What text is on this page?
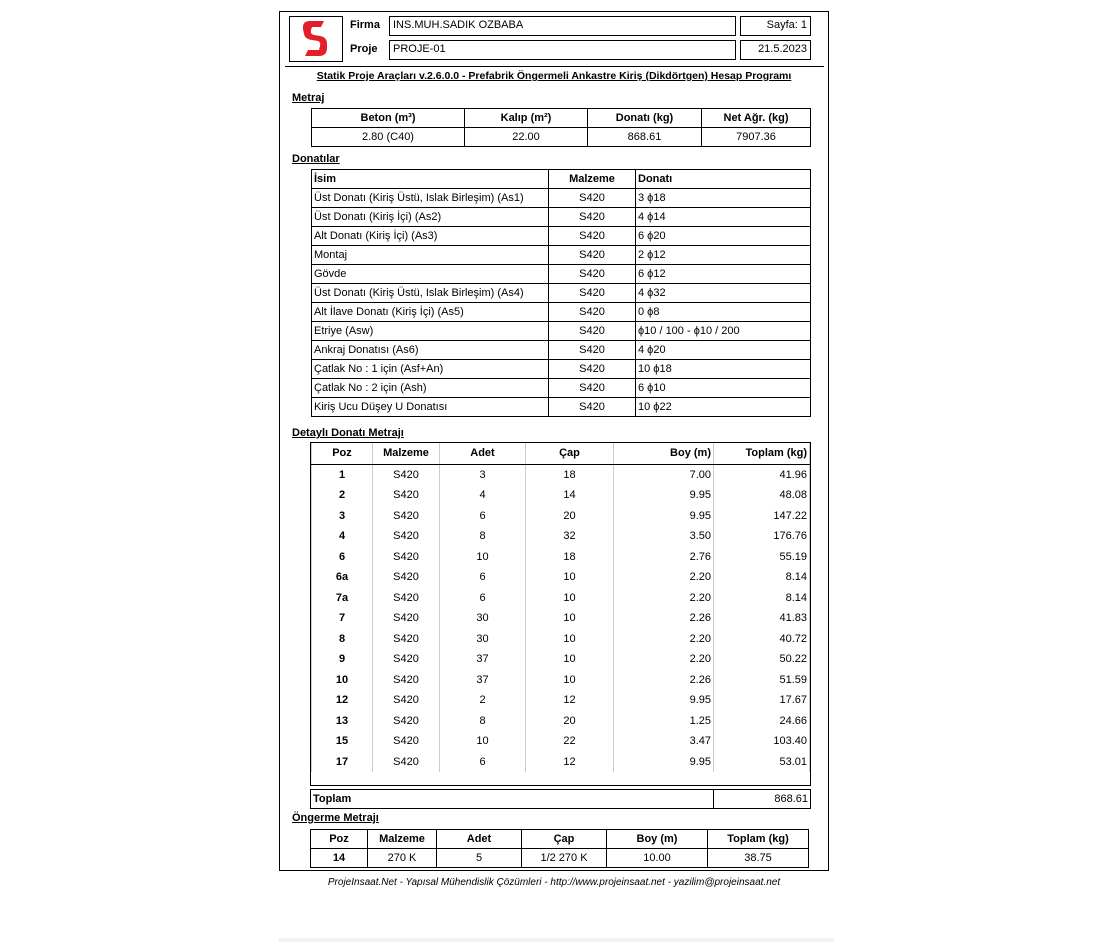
Firma INS.MUH.SADIK OZBABA	Sayfa: 1
Proje PROJE-01	21.5.2023
Statik Proje Araçları v.2.6.0.0 - Prefabrik Öngermeli Ankastre Kiriş (Dikdörtgen) Hesap Programı
Metraj
Beton (m³)	Kalıp (m²)	Donatı (kg)	Net Ağr. (kg)
2.80 (C40)	22.00	868.61	7907.36
Donatılar
İsim	Malzeme	Donatı
Üst Donatı (Kiriş Üstü, Islak Birleşim) (As1)	S420	3 ϕ18
Üst Donatı (Kiriş İçi) (As2)	S420	4 ϕ14
Alt Donatı (Kiriş İçi) (As3)	S420	6 ϕ20
Montaj	S420	2 ϕ12
Gövde	S420	6 ϕ12
Üst Donatı (Kiriş Üstü, Islak Birleşim) (As4)	S420	4 ϕ32
Alt İlave Donatı (Kiriş İçi) (As5)	S420	0 ϕ8
Etriye (Asw)	S420	ϕ10 / 100 - ϕ10 / 200
Ankraj Donatısı (As6)	S420	4 ϕ20
Çatlak No : 1 için (Asf+An)	S420	10 ϕ18
Çatlak No : 2 için (Ash)	S420	6 ϕ10
Kiriş Ucu Düşey U Donatısı	S420	10 ϕ22
Detaylı Donatı Metrajı
Poz	Malzeme	Adet	Çap	Boy (m)	Toplam (kg)
1	S420	3	18	7.00	41.96
2	S420	4	14	9.95	48.08
3	S420	6	20	9.95	147.22
4	S420	8	32	3.50	176.76
6	S420	10	18	2.76	55.19
6a	S420	6	10	2.20	8.14
7a	S420	6	10	2.20	8.14
7	S420	30	10	2.26	41.83
8	S420	30	10	2.20	40.72
9	S420	37	10	2.20	50.22
10	S420	37	10	2.26	51.59
12	S420	2	12	9.95	17.67
13	S420	8	20	1.25	24.66
15	S420	10	22	3.47	103.40
17	S420	6	12	9.95	53.01
Toplam	868.61
Öngerme Metrajı
Poz	Malzeme	Adet	Çap	Boy (m)	Toplam (kg)
14	270 K	5	1/2 270 K	10.00	38.75
ProjeInsaat.Net - Yapısal Mühendislik Çözümleri - http://www.projeinsaat.net - yazilim@projeinsaat.net
